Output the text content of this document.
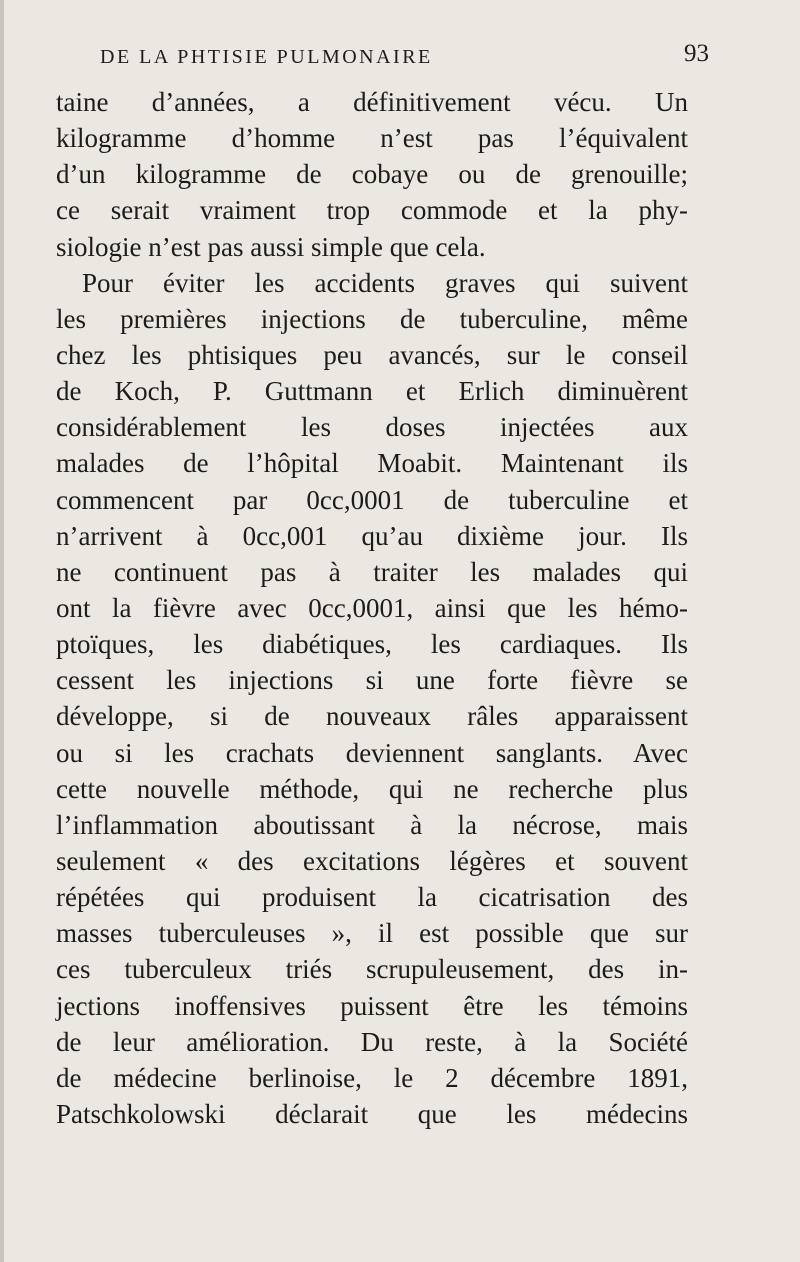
DE LA PHTISIE PULMONAIRE	93
taine d’années, a définitivement vécu. Un
kilogramme d’homme n’est pas l’équivalent
d’un kilogramme de cobaye ou de grenouille;
ce serait vraiment trop commode et la phy-
siologie n’est pas aussi simple que cela.
Pour éviter les accidents graves qui suivent
les premières injections de tuberculine, même
chez les phtisiques peu avancés, sur le conseil
de Koch, P. Guttmann et Erlich diminuèrent
considérablement les doses injectées aux
malades de l’hôpital Moabit. Maintenant ils
commencent par 0cc,0001 de tuberculine et
n’arrivent à 0cc,001 qu’au dixième jour. Ils
ne continuent pas à traiter les malades qui
ont la fièvre avec 0cc,0001, ainsi que les hémo-
ptoïques, les diabétiques, les cardiaques. Ils
cessent les injections si une forte fièvre se
développe, si de nouveaux râles apparaissent
ou si les crachats deviennent sanglants. Avec
cette nouvelle méthode, qui ne recherche plus
l’inflammation aboutissant à la nécrose, mais
seulement « des excitations légères et souvent
répétées qui produisent la cicatrisation des
masses tuberculeuses », il est possible que sur
ces tuberculeux triés scrupuleusement, des in-
jections inoffensives puissent être les témoins
de leur amélioration. Du reste, à la Société
de médecine berlinoise, le 2 décembre 1891,
Patschkolowski déclarait que les médecins
